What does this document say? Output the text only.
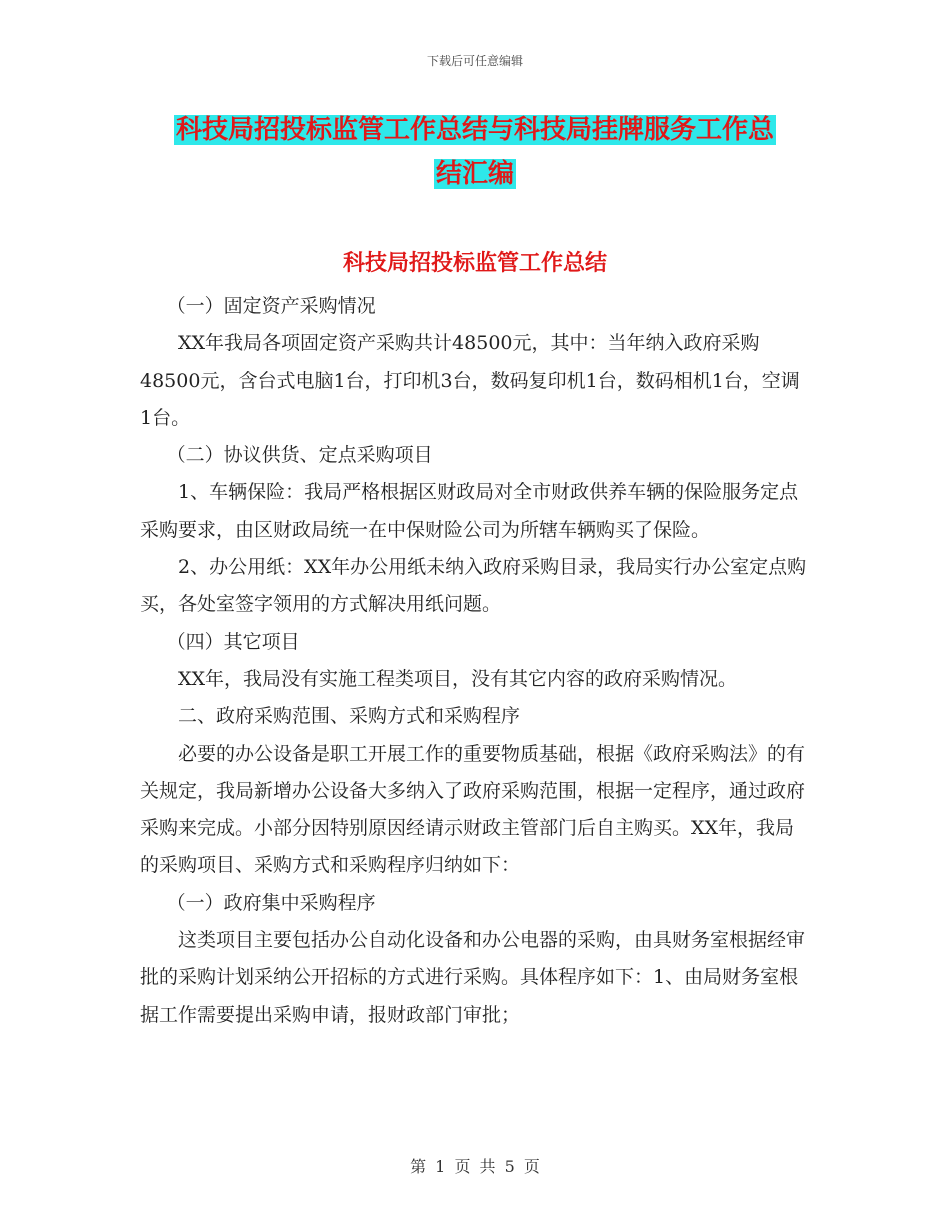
下载后可任意编辑
科技局招投标监管工作总结与科技局挂牌服务工作总
结汇编
科技局招投标监管工作总结

（一）固定资产采购情况

XX年我局各项固定资产采购共计48500元，其中：当年纳入政府采购48500元，含台式电脑1台，打印机3台，数码复印机1台，数码相机1台，空调1台。

（二）协议供货、定点采购项目

1、车辆保险：我局严格根据区财政局对全市财政供养车辆的保险服务定点采购要求，由区财政局统一在中保财险公司为所辖车辆购买了保险。

2、办公用纸：XX年办公用纸未纳入政府采购目录，我局实行办公室定点购买，各处室签字领用的方式解决用纸问题。

（四）其它项目

XX年，我局没有实施工程类项目，没有其它内容的政府采购情况。

二、政府采购范围、采购方式和采购程序

必要的办公设备是职工开展工作的重要物质基础，根据《政府采购法》的有关规定，我局新增办公设备大多纳入了政府采购范围，根据一定程序，通过政府采购来完成。小部分因特别原因经请示财政主管部门后自主购买。XX年，我局的采购项目、采购方式和采购程序归纳如下：

（一）政府集中采购程序

这类项目主要包括办公自动化设备和办公电器的采购，由具财务室根据经审批的采购计划采纳公开招标的方式进行采购。具体程序如下：1、由局财务室根据工作需要提出采购申请，报财政部门审批；

第 1 页 共 5 页
